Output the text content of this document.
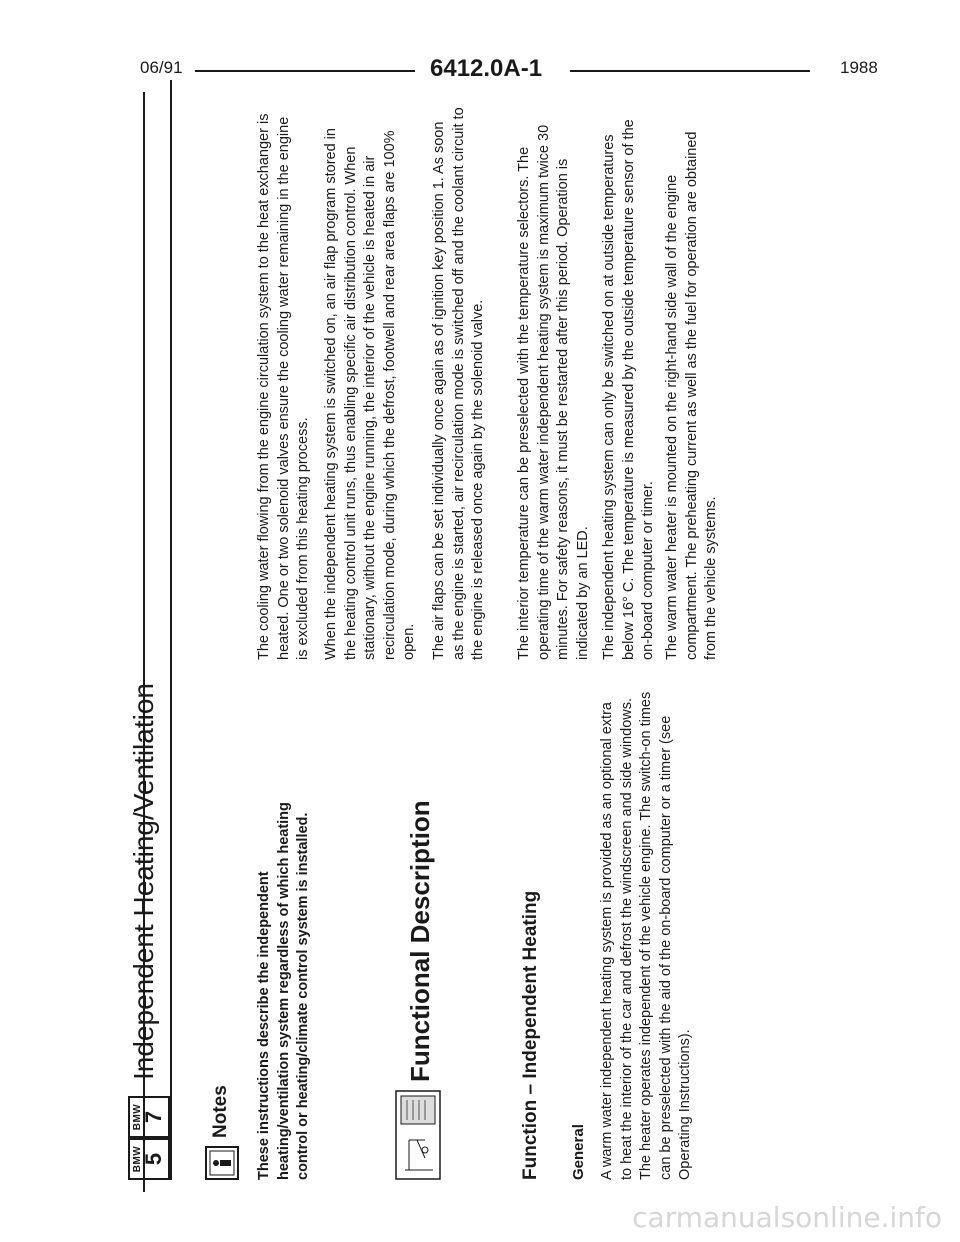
06/91	6412.0A-1	1988
BMW
5
BMW
7
Independent Heating/Ventilation
Notes These instructions describe the independent heating/ventilation system regardless of which heating control or heating/climate control system is installed.	Functional Description	Function – Independent Heating General A warm water independent heating system is provided as an optional extra to heat the interior of the car and defrost the windscreen and side windows. The heater operates independent of the vehicle engine. The switch-on times can be preselected with the aid of the on-board computer or a timer (see Operating Instructions).

The cooling water flowing from the engine circulation system to the heat exchanger is heated. One or two solenoid valves ensure the cooling water remaining in the engine is excluded from this heating process. When the independent heating system is switched on, an air flap program stored in the heating control unit runs, thus enabling specific air distribution control. When stationary, without the engine running, the interior of the vehicle is heated in air recirculation mode, during which the defrost, footwell and rear area flaps are 100% open. The air flaps can be set individually once again as of ignition key position 1. As soon as the engine is started, air recirculation mode is switched off and the coolant circuit to the engine is released once again by the solenoid valve. The interior temperature can be preselected with the temperature selectors. The operating time of the warm water independent heating system is maximum twice 30 minutes. For safety reasons, it must be restarted after this period. Operation is indicated by an LED. The independent heating system can only be switched on at outside temperatures below 16° C. The temperature is measured by the outside temperature sensor of the on-board computer or timer. The warm water heater is mounted on the right-hand side wall of the engine compartment. The preheating current as well as the fuel for operation are obtained from the vehicle systems.

carmanualsonline.info
